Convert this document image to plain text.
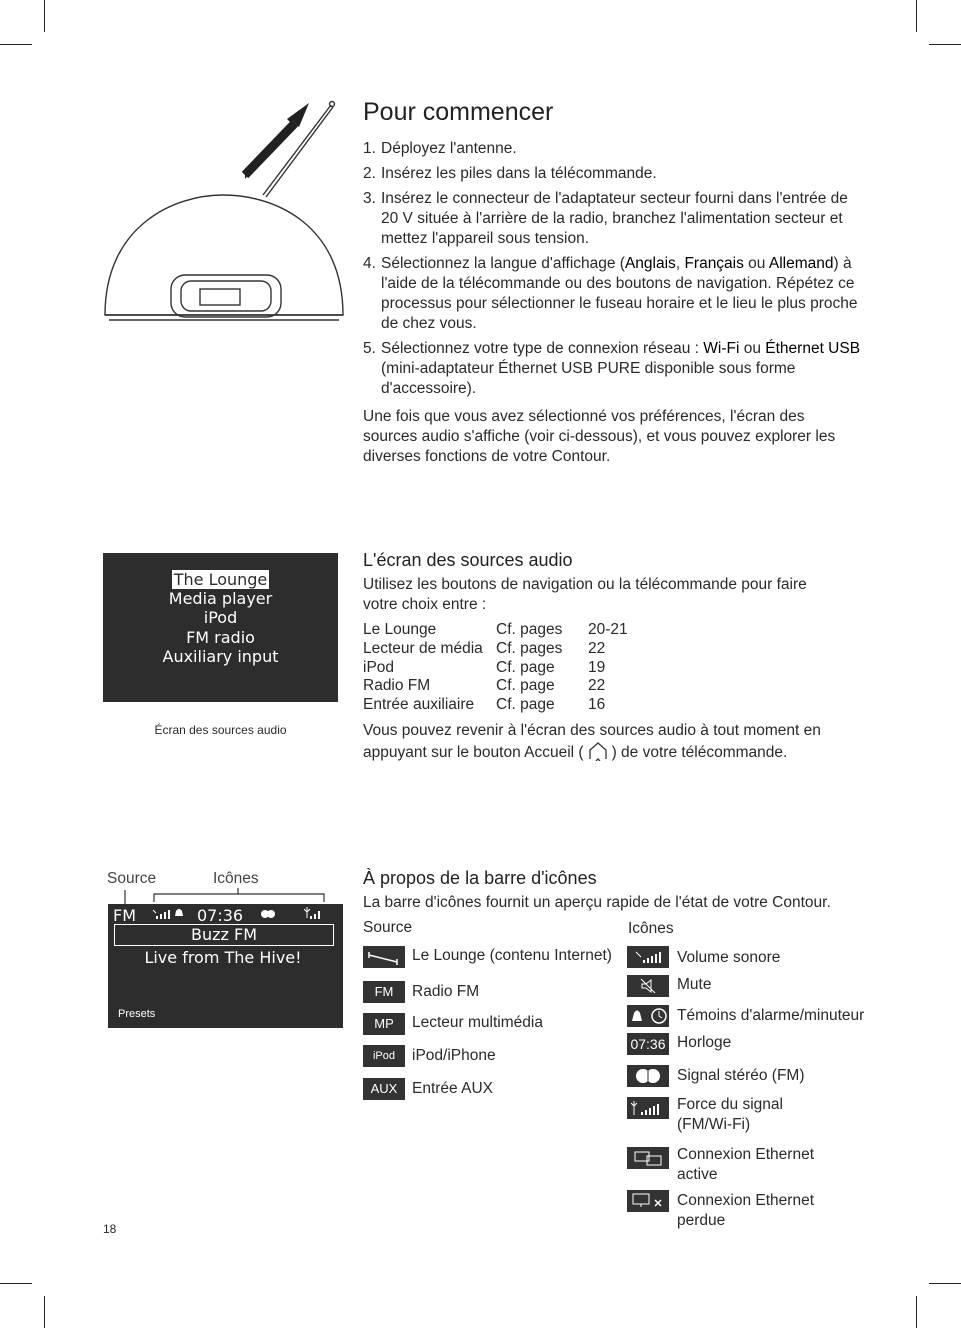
Pour commencer
1. Déployez l'antenne.
2. Insérez les piles dans la télécommande.
3. Insérez le connecteur de l'adaptateur secteur fourni dans l'entrée de 20 V située à l'arrière de la radio, branchez l'alimentation secteur et mettez l'appareil sous tension.
4. Sélectionnez la langue d'affichage (Anglais, Français ou Allemand) à l'aide de la télécommande ou des boutons de navigation. Répétez ce processus pour sélectionner le fuseau horaire et le lieu le plus proche de chez vous.
5. Sélectionnez votre type de connexion réseau : Wi-Fi ou Éthernet USB (mini-adaptateur Éthernet USB PURE disponible sous forme d'accessoire).
Une fois que vous avez sélectionné vos préférences, l'écran des sources audio s'affiche (voir ci-dessous), et vous pouvez explorer les diverses fonctions de votre Contour.
The Lounge
Media player
iPod
FM radio
Auxiliary input
Écran des sources audio
L'écran des sources audio
Utilisez les boutons de navigation ou la télécommande pour faire votre choix entre :
Le Lounge	Cf. pages	20-21
Lecteur de média	Cf. pages	22
iPod	Cf. page	19
Radio FM	Cf. page	22
Entrée auxiliaire	Cf. page	16
Vous pouvez revenir à l'écran des sources audio à tout moment en appuyant sur le bouton Accueil ( ) de votre télécommande.
Source	Icônes
FM	07:36
Buzz FM
Live from The Hive!
Presets
À propos de la barre d'icônes
La barre d'icônes fournit un aperçu rapide de l'état de votre Contour.
Source	Icônes
Le Lounge (contenu Internet)
FM	Radio FM
MP	Lecteur multimédia
iPod	iPod/iPhone
AUX Entrée AUX
Volume sonore
Mute
Témoins d'alarme/minuteur
07:36 Horloge
Signal stéréo (FM)
Force du signal (FM/Wi-Fi)
Connexion Ethernet active
Connexion Ethernet perdue
18
